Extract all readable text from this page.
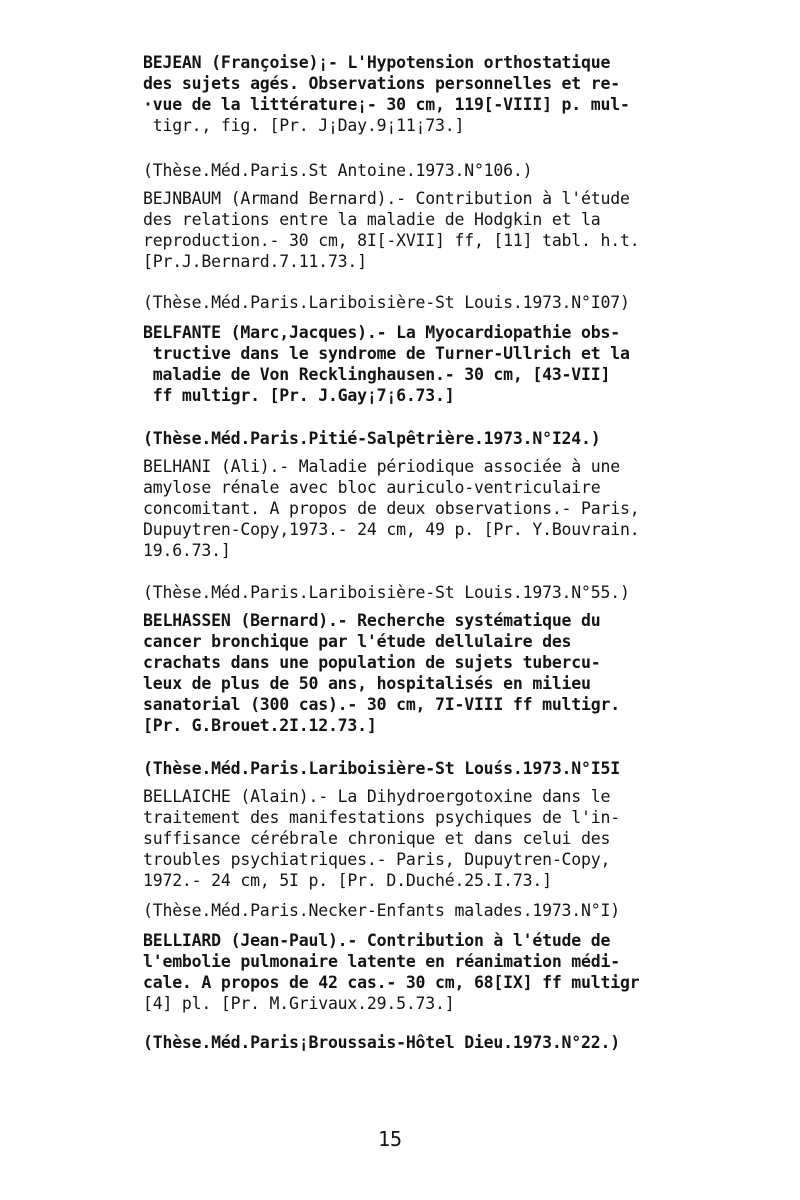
BEJEAN (Françoise)¡- L'Hypotension orthostatique
des sujets agés. Observations personnelles et re-
·vue de la littérature¡- 30 cm, 119[-VIII] p. mul-
tigr., fig. [Pr. J¡Day.9¡11¡73.]
(Thèse.Méd.Paris.St Antoine.1973.N°106.)
BEJNBAUM (Armand Bernard).- Contribution à l'étude
des relations entre la maladie de Hodgkin et la
reproduction.- 30 cm, 8I[-XVII] ff, [11] tabl. h.t.
[Pr.J.Bernard.7.11.73.]
(Thèse.Méd.Paris.Lariboisière-St Louis.1973.N°I07)
BELFANTE (Marc,Jacques).- La Myocardiopathie obs-
tructive dans le syndrome de Turner-Ullrich et la
maladie de Von Recklinghausen.- 30 cm, [43-VII]
ff multigr. [Pr. J.Gay¡7¡6.73.]
(Thèse.Méd.Paris.Pitié-Salpêtrière.1973.N°I24.)
BELHANI (Ali).- Maladie périodique associée à une
amylose rénale avec bloc auriculo-ventriculaire
concomitant. A propos de deux observations.- Paris,
Dupuytren-Copy,1973.- 24 cm, 49 p. [Pr. Y.Bouvrain.
19.6.73.]
(Thèse.Méd.Paris.Lariboisière-St Louis.1973.N°55.)
BELHASSEN (Bernard).- Recherche systématique du
cancer bronchique par l'étude dellulaire des
crachats dans une population de sujets tubercu-
leux de plus de 50 ans, hospitalisés en milieu
sanatorial (300 cas).- 30 cm, 7I-VIII ff multigr.
[Pr. G.Brouet.2I.12.73.]
(Thèse.Méd.Paris.Lariboisière-St Louśs.1973.N°I5I
BELLAICHE (Alain).- La Dihydroergotoxine dans le
traitement des manifestations psychiques de l'in-
suffisance cérébrale chronique et dans celui des
troubles psychiatriques.- Paris, Dupuytren-Copy,
1972.- 24 cm, 5I p. [Pr. D.Duché.25.I.73.]
(Thèse.Méd.Paris.Necker-Enfants malades.1973.N°I)
BELLIARD (Jean-Paul).- Contribution à l'étude de
l'embolie pulmonaire latente en réanimation médi-
cale. A propos de 42 cas.- 30 cm, 68[IX] ff multigr
[4] pl. [Pr. M.Grivaux.29.5.73.]
(Thèse.Méd.Paris¡Broussais-Hôtel Dieu.1973.N°22.)
15
